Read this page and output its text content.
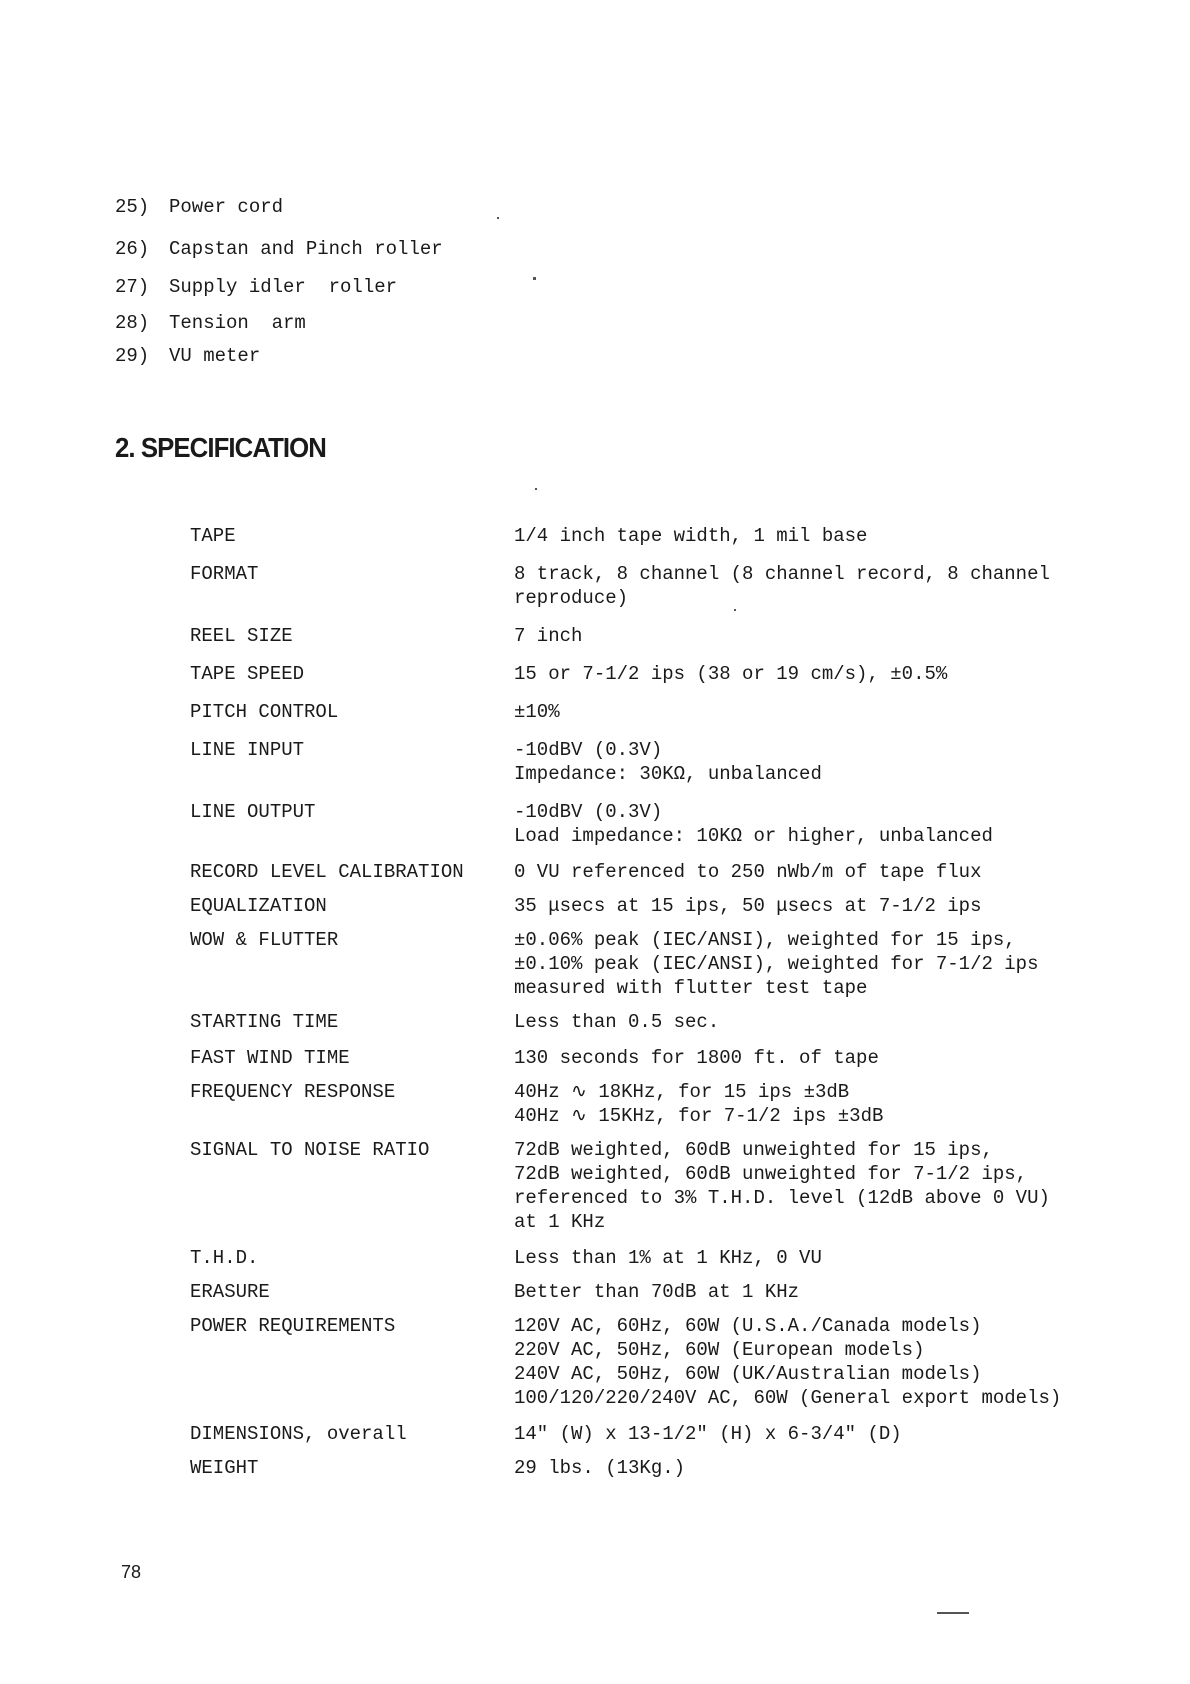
25) Power cord
26) Capstan and Pinch roller
27) Supply idler  roller
28) Tension  arm
29) VU meter
2. SPECIFICATION
TAPE	1/4 inch tape width, 1 mil base
FORMAT	8 track, 8 channel (8 channel record, 8 channel
reproduce)
REEL SIZE	7 inch
TAPE SPEED	15 or 7-1/2 ips (38 or 19 cm/s), ±0.5%
PITCH CONTROL	±10%
LINE INPUT	-10dBV (0.3V)
Impedance: 30KΩ, unbalanced
LINE OUTPUT	-10dBV (0.3V)
Load impedance: 10KΩ or higher, unbalanced
RECORD LEVEL CALIBRATION	0 VU referenced to 250 nWb/m of tape flux
EQUALIZATION	35 μsecs at 15 ips, 50 μsecs at 7-1/2 ips
WOW & FLUTTER	±0.06% peak (IEC/ANSI), weighted for 15 ips,
±0.10% peak (IEC/ANSI), weighted for 7-1/2 ips
measured with flutter test tape
STARTING TIME	Less than 0.5 sec.
FAST WIND TIME	130 seconds for 1800 ft. of tape
FREQUENCY RESPONSE	40Hz ∿ 18KHz, for 15 ips ±3dB
40Hz ∿ 15KHz, for 7-1/2 ips ±3dB
SIGNAL TO NOISE RATIO	72dB weighted, 60dB unweighted for 15 ips,
72dB weighted, 60dB unweighted for 7-1/2 ips,
referenced to 3% T.H.D. level (12dB above 0 VU)
at 1 KHz
T.H.D.	Less than 1% at 1 KHz, 0 VU
ERASURE	Better than 70dB at 1 KHz
POWER REQUIREMENTS	120V AC, 60Hz, 60W (U.S.A./Canada models)
220V AC, 50Hz, 60W (European models)
240V AC, 50Hz, 60W (UK/Australian models)
100/120/220/240V AC, 60W (General export models)
DIMENSIONS, overall	14" (W) x 13-1/2" (H) x 6-3/4" (D)
WEIGHT	29 lbs. (13Kg.)
78
